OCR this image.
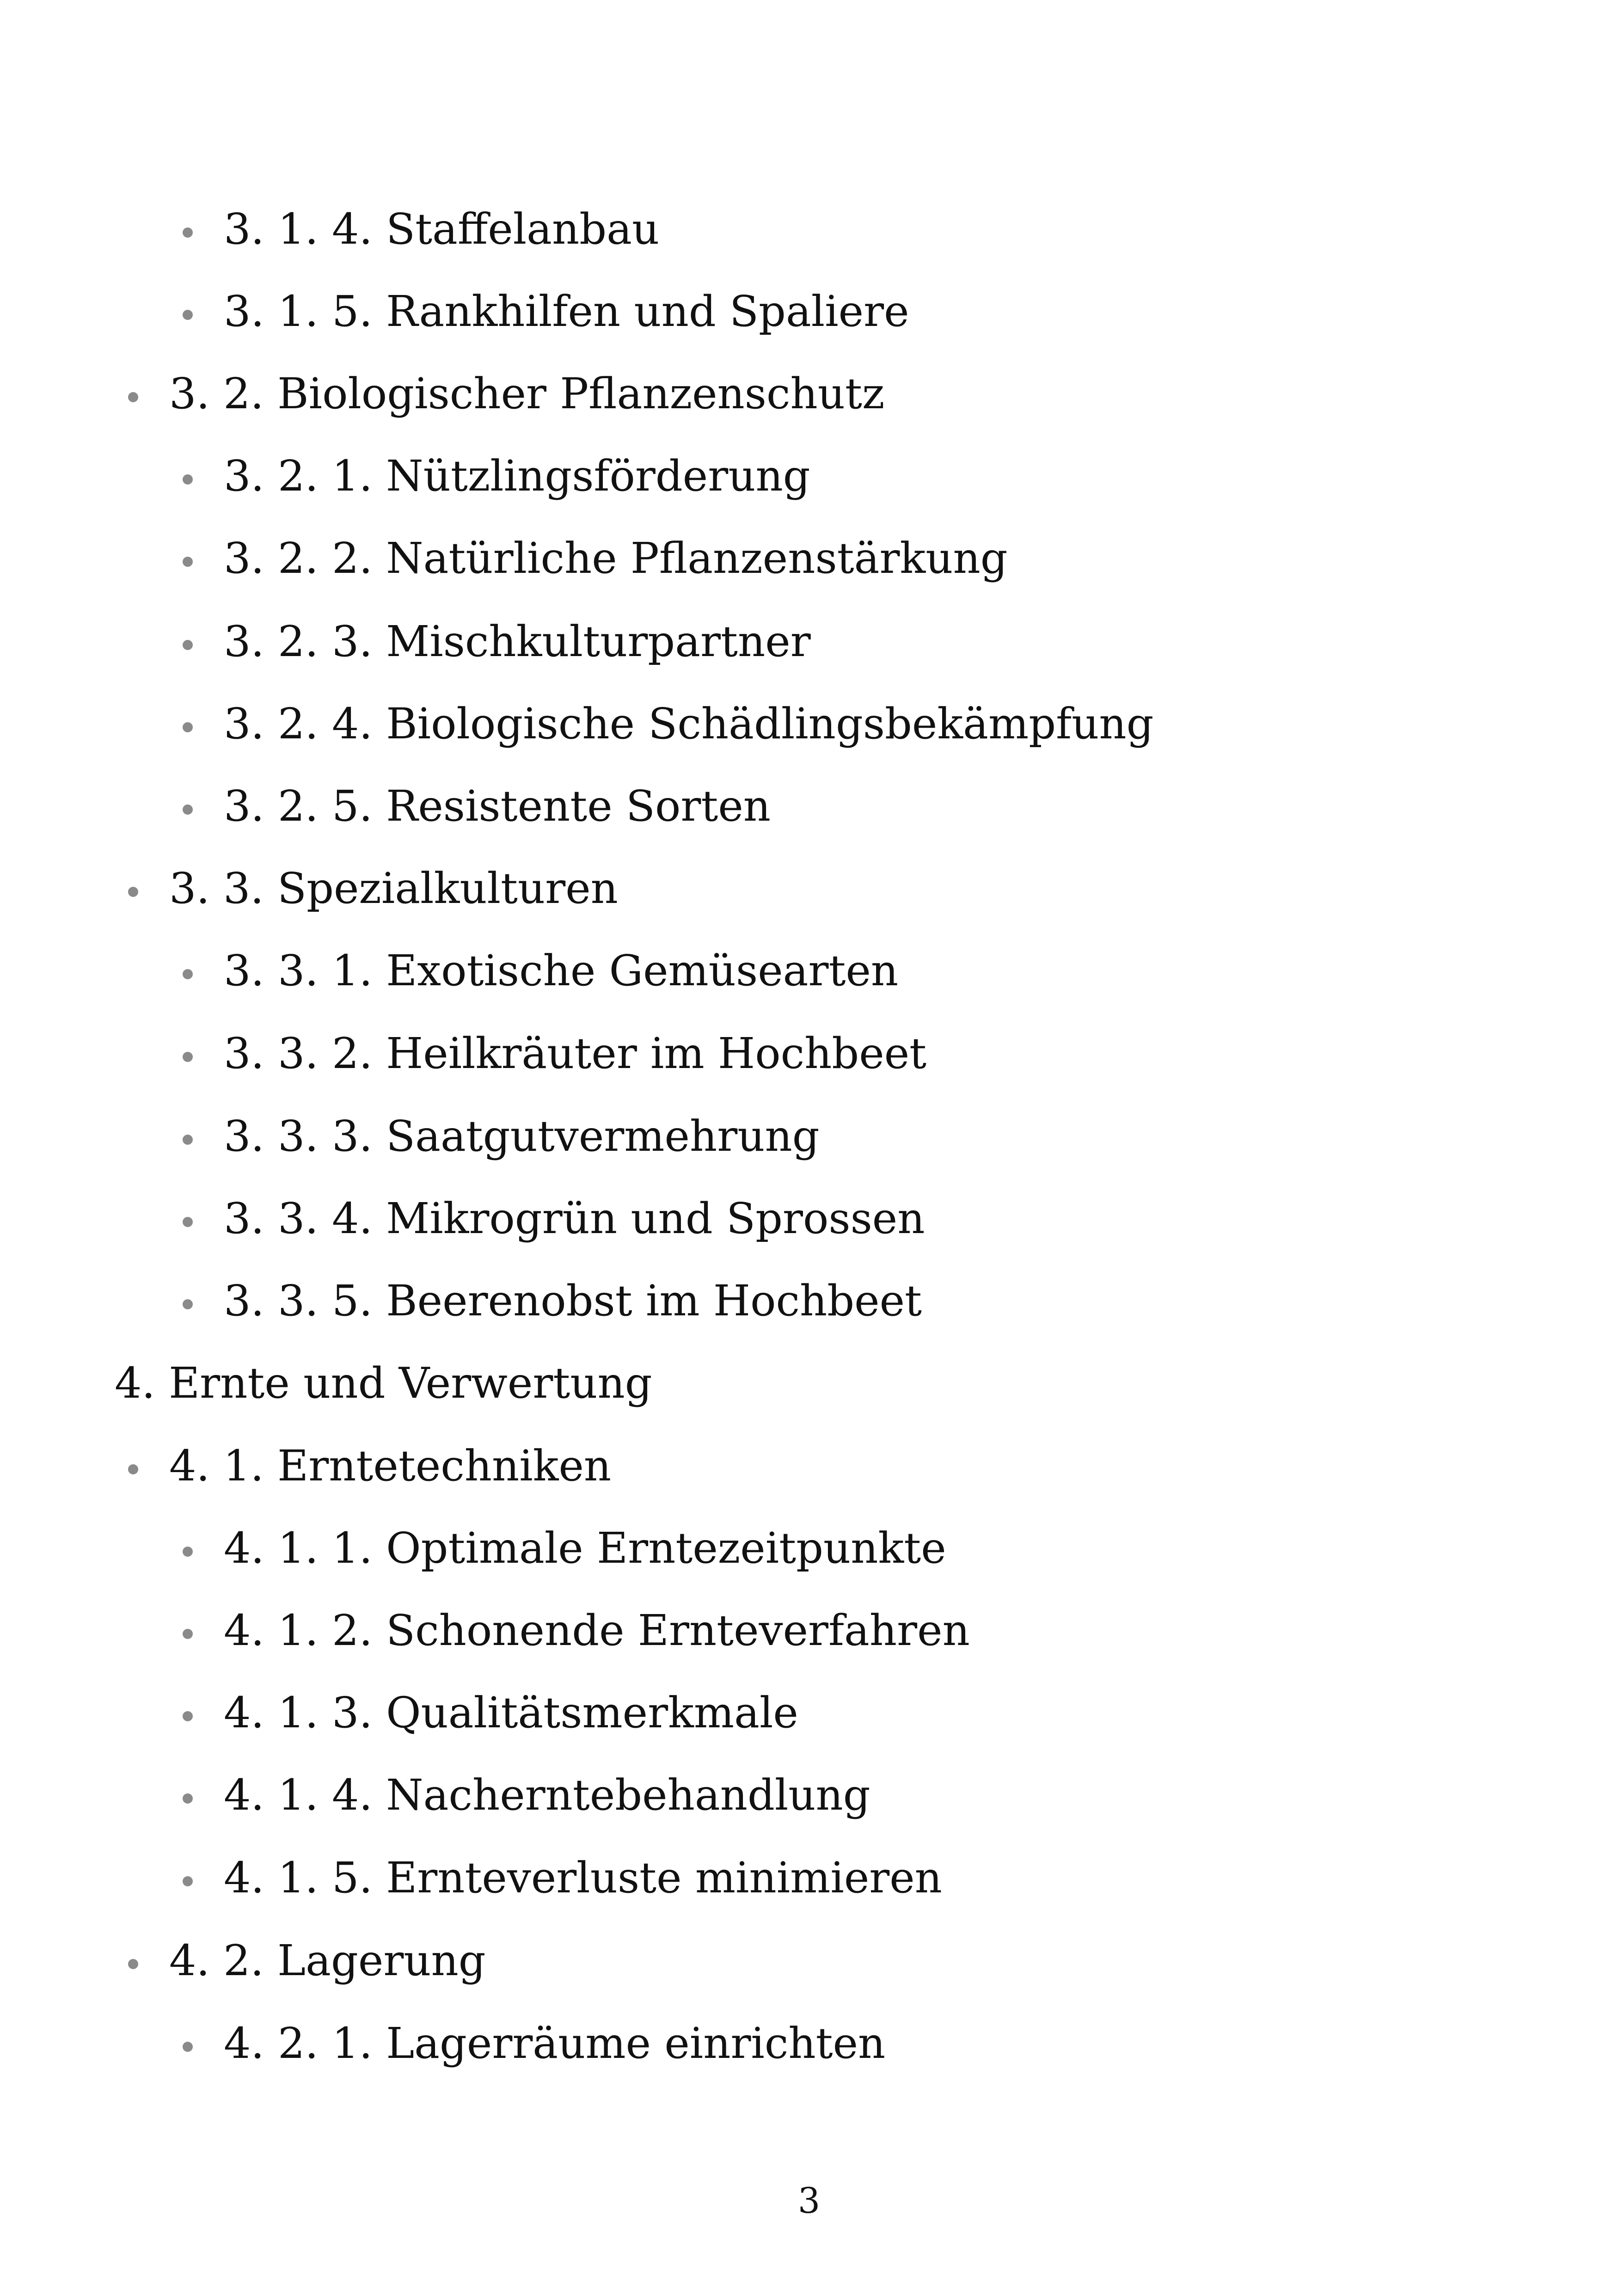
3. 1. 4. Staffelanbau
3. 1. 5. Rankhilfen und Spaliere
3. 2. Biologischer Pflanzenschutz
3. 2. 1. Nützlingsförderung
3. 2. 2. Natürliche Pflanzenstärkung
3. 2. 3. Mischkulturpartner
3. 2. 4. Biologische Schädlingsbekämpfung
3. 2. 5. Resistente Sorten
3. 3. Spezialkulturen
3. 3. 1. Exotische Gemüsearten
3. 3. 2. Heilkräuter im Hochbeet
3. 3. 3. Saatgutvermehrung
3. 3. 4. Mikrogrün und Sprossen
3. 3. 5. Beerenobst im Hochbeet
4. Ernte und Verwertung
4. 1. Erntetechniken
4. 1. 1. Optimale Erntezeitpunkte
4. 1. 2. Schonende Ernteverfahren
4. 1. 3. Qualitätsmerkmale
4. 1. 4. Nacherntebehandlung
4. 1. 5. Ernteverluste minimieren
4. 2. Lagerung
4. 2. 1. Lagerräume einrichten
3
